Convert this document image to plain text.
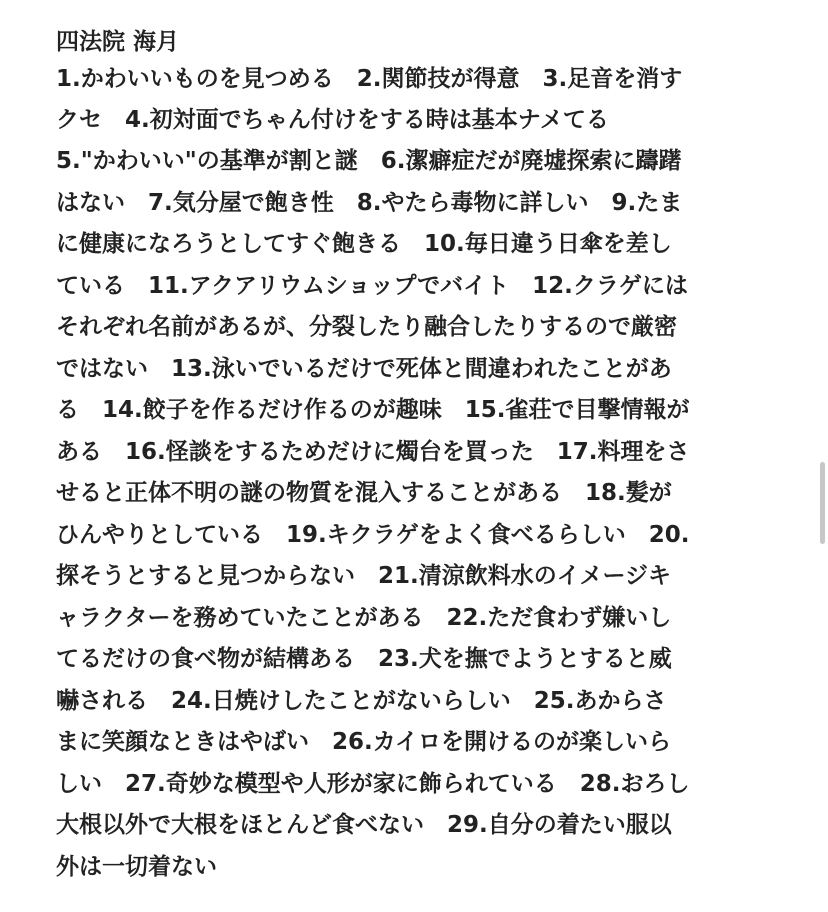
四法院 海月
1.かわいいものを見つめる　2.関節技が得意　3.足音を消す
クセ　4.初対面でちゃん付けをする時は基本ナメてる
5."かわいい"の基準が割と謎　6.潔癖症だが廃墟探索に躊躇
はない　7.気分屋で飽き性　8.やたら毒物に詳しい　9.たま
に健康になろうとしてすぐ飽きる　10.毎日違う日傘を差し
ている　11.アクアリウムショップでバイト　12.クラゲには
それぞれ名前があるが、分裂したり融合したりするので厳密
ではない　13.泳いでいるだけで死体と間違われたことがあ
る　14.餃子を作るだけ作るのが趣味　15.雀荘で目撃情報が
ある　16.怪談をするためだけに燭台を買った　17.料理をさ
せると正体不明の謎の物質を混入することがある　18.髪が
ひんやりとしている　19.キクラゲをよく食べるらしい　20.
探そうとすると見つからない　21.清涼飲料水のイメージキ
ャラクターを務めていたことがある　22.ただ食わず嫌いし
てるだけの食べ物が結構ある　23.犬を撫でようとすると威
嚇される　24.日焼けしたことがないらしい　25.あからさ
まに笑顔なときはやばい　26.カイロを開けるのが楽しいら
しい　27.奇妙な模型や人形が家に飾られている　28.おろし
大根以外で大根をほとんど食べない　29.自分の着たい服以
外は一切着ない
